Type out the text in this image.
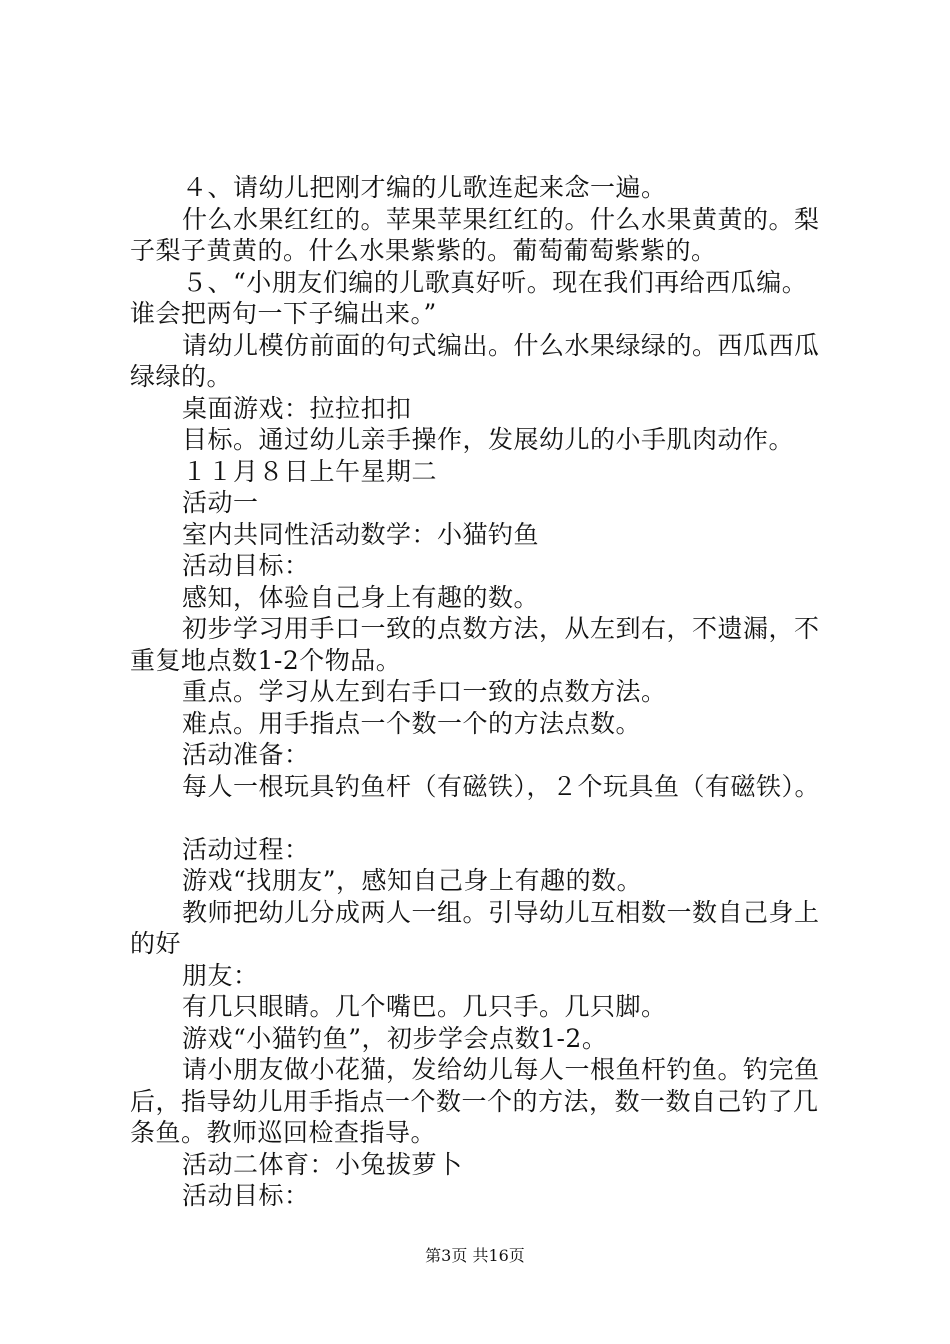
４、请幼儿把刚才编的儿歌连起来念一遍。

什么水果红红的。苹果苹果红红的。什么水果黄黄的。梨子梨子黄黄的。什么水果紫紫的。葡萄葡萄紫紫的。

５、“小朋友们编的儿歌真好听。现在我们再给西瓜编。谁会把两句一下子编出来。”

请幼儿模仿前面的句式编出。什么水果绿绿的。西瓜西瓜绿绿的。

桌面游戏：拉拉扣扣

目标。通过幼儿亲手操作，发展幼儿的小手肌肉动作。

１１月８日上午星期二

活动一

室内共同性活动数学：小猫钓鱼

活动目标：

感知，体验自己身上有趣的数。

初步学习用手口一致的点数方法，从左到右，不遗漏，不重复地点数1-2个物品。

重点。学习从左到右手口一致的点数方法。

难点。用手指点一个数一个的方法点数。

活动准备：

每人一根玩具钓鱼杆（有磁铁），２个玩具鱼（有磁铁）。

活动过程：

游戏“找朋友”，感知自己身上有趣的数。

教师把幼儿分成两人一组。引导幼儿互相数一数自己身上的好

朋友：

有几只眼睛。几个嘴巴。几只手。几只脚。

游戏“小猫钓鱼”，初步学会点数1-2。

请小朋友做小花猫，发给幼儿每人一根鱼杆钓鱼。钓完鱼后，指导幼儿用手指点一个数一个的方法，数一数自己钓了几条鱼。教师巡回检查指导。

活动二体育：小兔拔萝卜

活动目标：

第3页 共16页
